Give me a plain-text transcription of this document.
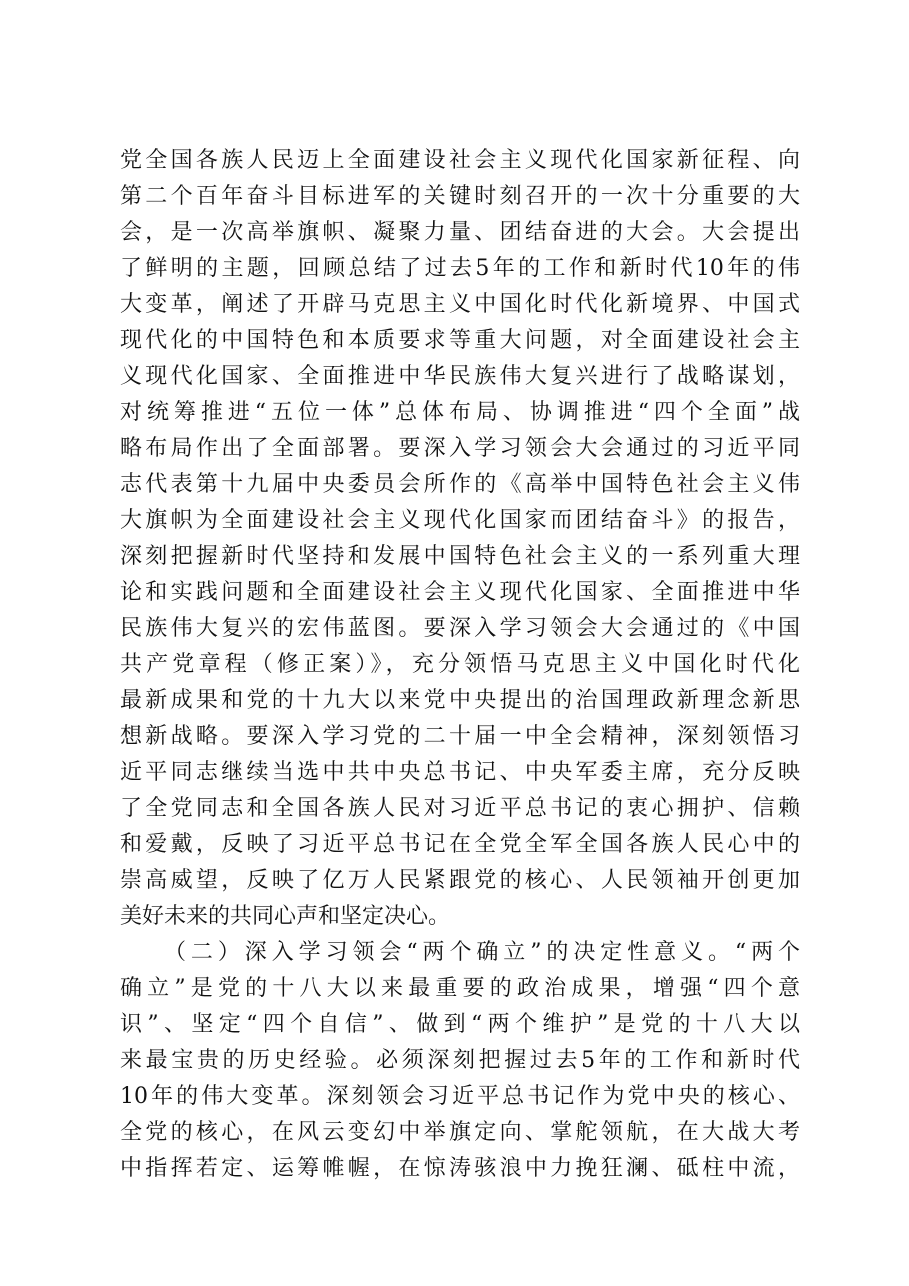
党全国各族人民迈上全面建设社会主义现代化国家新征程、向
第二个百年奋斗目标进军的关键时刻召开的一次十分重要的大
会，是一次高举旗帜、凝聚力量、团结奋进的大会。大会提出
了鲜明的主题，回顾总结了过去5年的工作和新时代10年的伟
大变革，阐述了开辟马克思主义中国化时代化新境界、中国式
现代化的中国特色和本质要求等重大问题，对全面建设社会主
义现代化国家、全面推进中华民族伟大复兴进行了战略谋划，
对统筹推进“五位一体”总体布局、协调推进“四个全面”战
略布局作出了全面部署。要深入学习领会大会通过的习近平同
志代表第十九届中央委员会所作的《高举中国特色社会主义伟
大旗帜为全面建设社会主义现代化国家而团结奋斗》的报告，
深刻把握新时代坚持和发展中国特色社会主义的一系列重大理
论和实践问题和全面建设社会主义现代化国家、全面推进中华
民族伟大复兴的宏伟蓝图。要深入学习领会大会通过的《中国
共产党章程（修正案）》，充分领悟马克思主义中国化时代化
最新成果和党的十九大以来党中央提出的治国理政新理念新思
想新战略。要深入学习党的二十届一中全会精神，深刻领悟习
近平同志继续当选中共中央总书记、中央军委主席，充分反映
了全党同志和全国各族人民对习近平总书记的衷心拥护、信赖
和爱戴，反映了习近平总书记在全党全军全国各族人民心中的
崇高威望，反映了亿万人民紧跟党的核心、人民领袖开创更加
美好未来的共同心声和坚定决心。
（二）深入学习领会“两个确立”的决定性意义。“两个
确立”是党的十八大以来最重要的政治成果，增强“四个意
识”、坚定“四个自信”、做到“两个维护”是党的十八大以
来最宝贵的历史经验。必须深刻把握过去5年的工作和新时代
10年的伟大变革。深刻领会习近平总书记作为党中央的核心、
全党的核心，在风云变幻中举旗定向、掌舵领航，在大战大考
中指挥若定、运筹帷幄，在惊涛骇浪中力挽狂澜、砥柱中流，
